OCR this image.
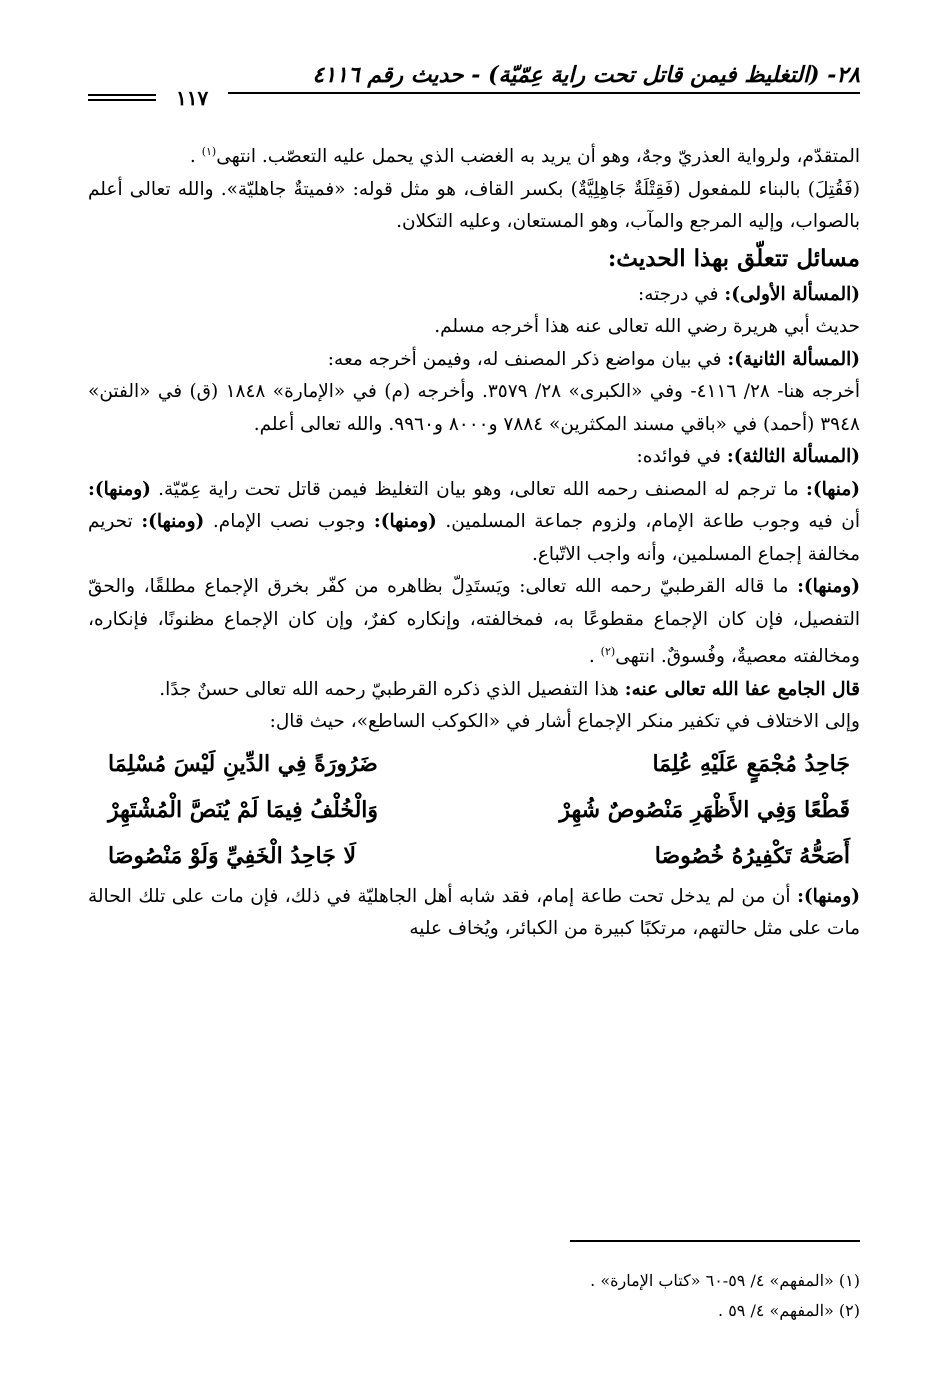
٢٨- (التغليظ فيمن قاتل تحت راية عِمّيّة) - حديث رقم ٤١١٦
١١٧

المتقدّم، ولرواية العذريّ وجهٌ، وهو أن يريد به الغضب الذي يحمل عليه التعصّب. انتهى$^{(١)}$ .

(فَقُتِلَ) بالبناء للمفعول (فَقِتْلَةٌ جَاهِلِيَّةٌ) بكسر القاف، هو مثل قوله: «فميتةٌ جاهليّة». والله تعالى أعلم بالصواب، وإليه المرجع والمآب، وهو المستعان، وعليه التكلان.

مسائل تتعلّق بهذا الحديث:

(المسألة الأولى): في درجته:

حديث أبي هريرة رضي الله تعالى عنه هذا أخرجه مسلم.

(المسألة الثانية): في بيان مواضع ذكر المصنف له، وفيمن أخرجه معه:

أخرجه هنا- ٢٨/ ٤١١٦- وفي «الكبرى» ٢٨/ ٣٥٧٩. وأخرجه (م) في «الإمارة» ١٨٤٨ (ق) في «الفتن» ٣٩٤٨ (أحمد) في «باقي مسند المكثرين» ٧٨٨٤ و٨٠٠٠ و٩٩٦٠. والله تعالى أعلم.

(المسألة الثالثة): في فوائده:

(منها): ما ترجم له المصنف رحمه الله تعالى، وهو بيان التغليظ فيمن قاتل تحت راية عِمّيّة. (ومنها): أن فيه وجوب طاعة الإمام، ولزوم جماعة المسلمين. (ومنها): وجوب نصب الإمام. (ومنها): تحريم مخالفة إجماع المسلمين، وأنه واجب الاتّباع.

(ومنها): ما قاله القرطبيّ رحمه الله تعالى: ويَستَدِلّ بظاهره من كفّر بخرق الإجماع مطلقًا، والحقّ التفصيل، فإن كان الإجماع مقطوعًا به، فمخالفته، وإنكاره كفرٌ، وإن كان الإجماع مظنونًا، فإنكاره، ومخالفته معصيةٌ، وفُسوقٌ. انتهى$^{(٢)}$ .

قال الجامع عفا الله تعالى عنه: هذا التفصيل الذي ذكره القرطبيّ رحمه الله تعالى حسنٌ جدًا.

وإلى الاختلاف في تكفير منكر الإجماع أشار في «الكوكب الساطع»، حيث قال:

جَاحِدُ مُجْمَعٍ عَلَيْهِ عُلِمَا
ضَرُورَةً فِي الدِّينِ لَيْسَ مُسْلِمَا
قَطْعًا وَفِي الأَظْهَرِ مَنْصُوصٌ شُهِرْ
وَالْخُلْفُ فِيمَا لَمْ يُنَصَّ الْمُشْتَهِرْ
أَصَحُّهُ تَكْفِيرُهُ خُصُوصَا
لَا جَاحِدُ الْخَفِيِّ وَلَوْ مَنْصُوصَا

(ومنها): أن من لم يدخل تحت طاعة إمام، فقد شابه أهل الجاهليّة في ذلك، فإن مات على تلك الحالة مات على مثل حالتهم، مرتكبًا كبيرة من الكبائر، ويُخاف عليه

(١) «المفهم» ٤/ ٥٩-٦٠ «كتاب الإمارة» .

(٢) «المفهم» ٤/ ٥٩ .
